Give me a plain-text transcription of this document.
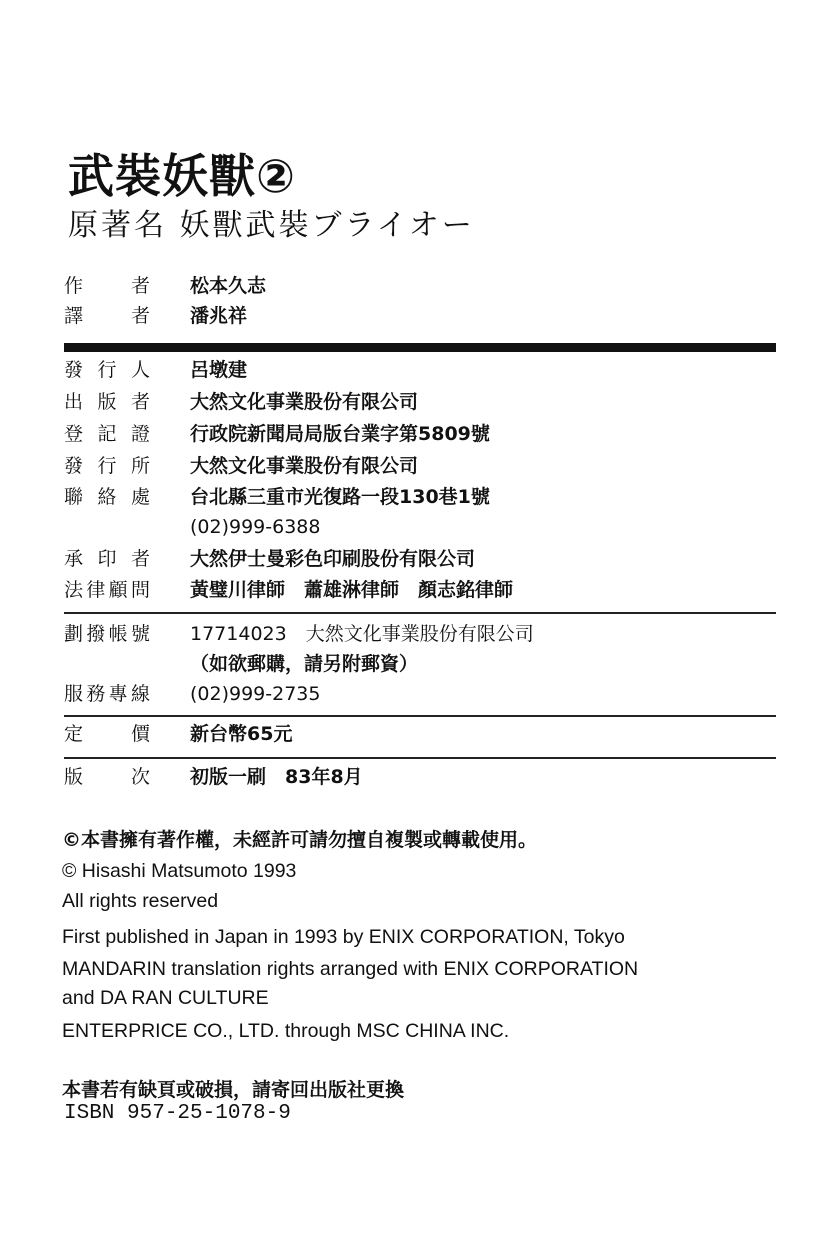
武裝妖獸②
原著名 妖獸武裝ブライオー
作	者 松本久志
譯	者 潘兆祥
發 行 人 呂墩建
出 版 者 大然文化事業股份有限公司
登 記 證 行政院新聞局局版台業字第5809號
發 行 所 大然文化事業股份有限公司
聯 絡 處 台北縣三重市光復路一段130巷1號
(02)999-6388
承 印 者 大然伊士曼彩色印刷股份有限公司
法 律 顧 問 黃璧川律師　蕭雄淋律師　顏志銘律師
劃 撥 帳 號 17714023　大然文化事業股份有限公司
（如欲郵購，請另附郵資）
服 務 專 線 (02)999-2735
定	價 新台幣65元
版	次 初版一刷　83年8月
©本書擁有著作權，未經許可請勿擅自複製或轉載使用。
© Hisashi Matsumoto 1993
All rights reserved
First published in Japan in 1993 by ENIX CORPORATION, Tokyo
MANDARIN translation rights arranged with ENIX CORPORATION
and DA RAN CULTURE
ENTERPRICE CO., LTD. through MSC CHINA INC.
本書若有缺頁或破損，請寄回出版社更換
ISBN 957-25-1078-9
